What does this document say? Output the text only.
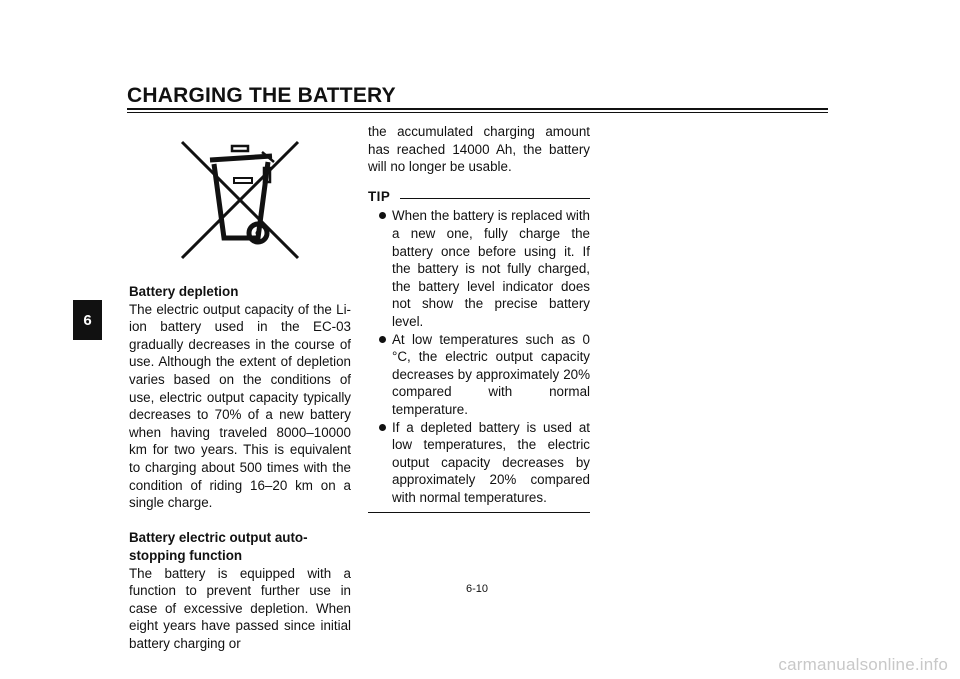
CHARGING THE BATTERY
6

Battery depletion

The electric output capacity of the Li-ion battery used in the EC-03 gradually decreases in the course of use. Although the extent of depletion varies based on the conditions of use, electric output capacity typically decreases to 70% of a new battery when having traveled 8000–10000 km for two years. This is equivalent to charging about 500 times with the condition of riding 16–20 km on a single charge.

Battery electric output auto-stopping function

The battery is equipped with a function to prevent further use in case of excessive depletion. When eight years have passed since initial battery charging or

the accumulated charging amount has reached 14000 Ah, the battery will no longer be usable.

TIP
When the battery is replaced with a new one, fully charge the battery once before using it. If the battery is not fully charged, the battery level indicator does not show the precise battery level.
At low temperatures such as 0 °C, the electric output capacity decreases by approximately 20% compared with normal temperature.
If a depleted battery is used at low temperatures, the electric output capacity decreases by approximately 20% compared with normal temperatures.
6-10
carmanualsonline.info
